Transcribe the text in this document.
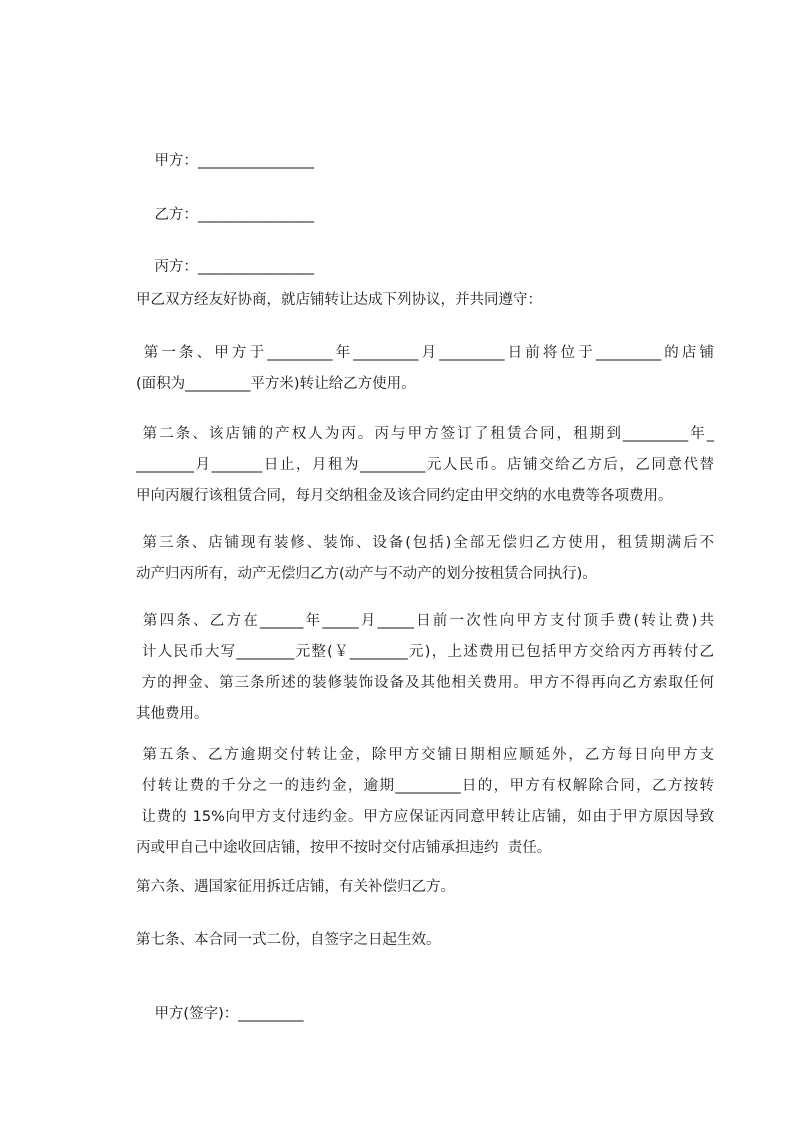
甲方：________________

乙方：________________

丙方：________________

甲乙双方经友好协商，就店铺转让达成下列协议，并共同遵守：
第一条、甲方于_________年_________月_________日前将位于_________的店铺
(面积为_________平方米)转让给乙方使用。
第二条、该店铺的产权人为丙。丙与甲方签订了租赁合同，租期到_________年_
________月_______日止，月租为_________元人民币。店铺交给乙方后，乙同意代替
甲向丙履行该租赁合同，每月交纳租金及该合同约定由甲交纳的水电费等各项费用。
第三条、店铺现有装修、装饰、设备(包括)全部无偿归乙方使用，租赁期满后不
动产归丙所有，动产无偿归乙方(动产与不动产的划分按租赁合同执行)。
第四条、乙方在______年_____月_____日前一次性向甲方支付顶手费(转让费)共
计人民币大写________元整(￥________元)，上述费用已包括甲方交给丙方再转付乙
方的押金、第三条所述的装修装饰设备及其他相关费用。甲方不得再向乙方索取任何
其他费用。
第五条、乙方逾期交付转让金，除甲方交铺日期相应顺延外，乙方每日向甲方支
付转让费的千分之一的违约金，逾期_________日的，甲方有权解除合同，乙方按转
让费的 15%向甲方支付违约金。甲方应保证丙同意甲转让店铺，如由于甲方原因导致
丙或甲自己中途收回店铺，按甲不按时交付店铺承担违约  责任。
第六条、遇国家征用拆迁店铺，有关补偿归乙方。
第七条、本合同一式二份，自签字之日起生效。

甲方(签字)：_________
